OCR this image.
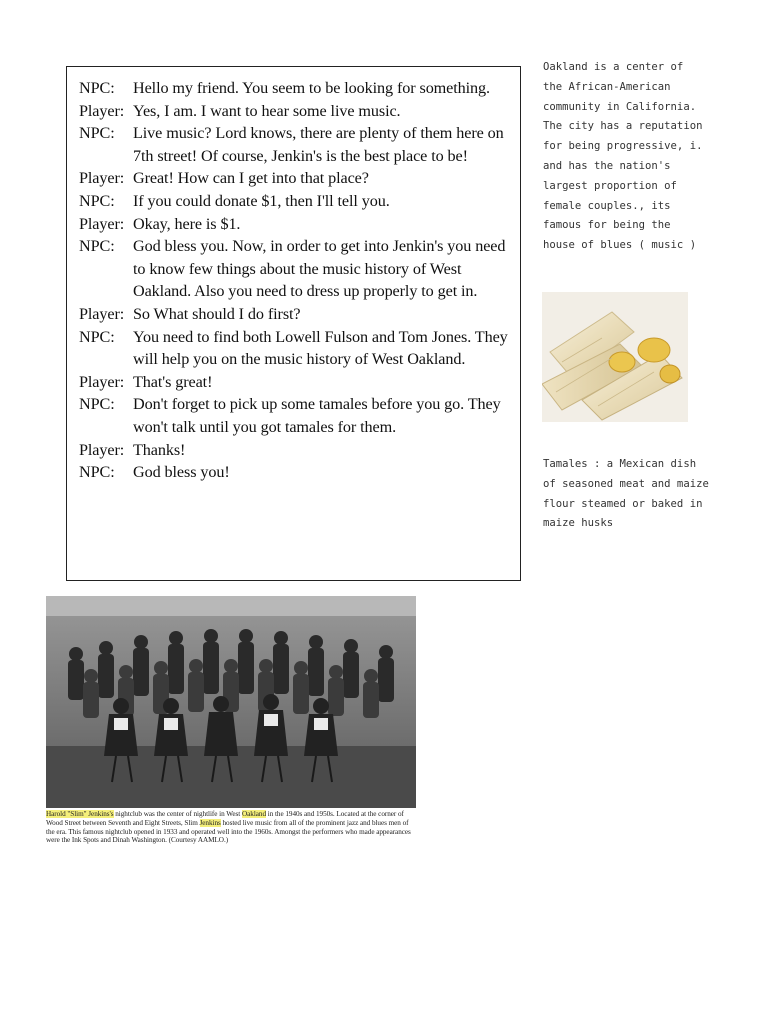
NPC:	Hello my friend. You seem to be looking for something.
Player: Yes, I am. I want to hear some live music.
NPC:	Live music? Lord knows, there are plenty of them here on 7th street! Of course, Jenkin's is the best place to be!
Player: Great! How can I get into that place?
NPC:	If you could donate $1, then I'll tell you.
Player: Okay, here is $1.
NPC:	God bless you. Now, in order to get into Jenkin's you need to know few things about the music history of West Oakland. Also you need to dress up properly to get in.
Player: So What should I do first?
NPC:	You need to find both Lowell Fulson and Tom Jones. They will help you on the music history of West Oakland.
Player: That's great!
NPC:	Don't forget to pick up some tamales before you go. They won't talk until you got tamales for them.
Player: Thanks!
NPC:	God bless you!
Oakland is a center of
the African-American
community in California.
The city has a reputation
for being progressive, i.
and has the nation's
largest proportion of
female couples., its
famous for being the
house of blues ( music )
Tamales : a Mexican dish of seasoned meat and maize flour steamed or baked in maize husks
Harold "Slim" Jenkins's nightclub was the center of nightlife in West Oakland in the 1940s and 1950s. Located at the corner of Wood Street between Seventh and Eight Streets, Slim Jenkins hosted live music from all of the prominent jazz and blues men of the era. This famous nightclub opened in 1933 and operated well into the 1960s. Amongst the performers who made appearances were the Ink Spots and Dinah Washington. (Courtesy AAMLO.)
